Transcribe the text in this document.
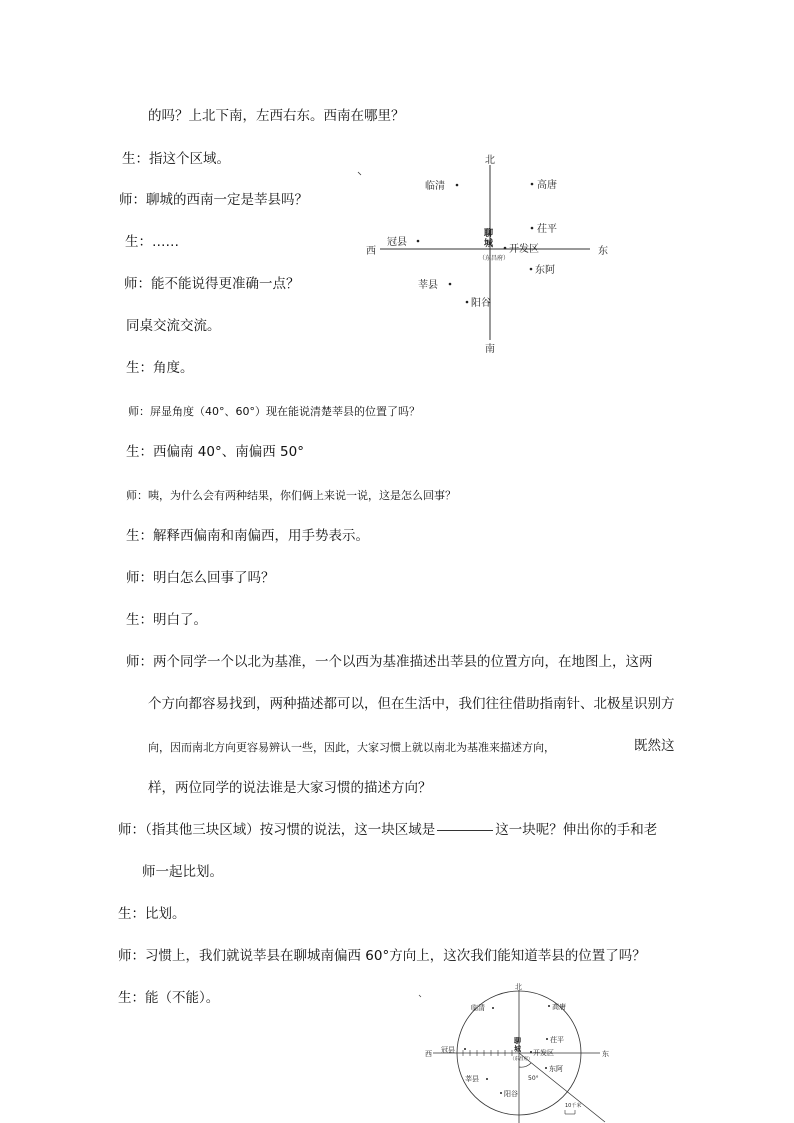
的吗？上北下南，左西右东。西南在哪里？
生：指这个区域。
师：聊城的西南一定是莘县吗？
生：……
师：能不能说得更准确一点？
同桌交流交流。
生：角度。
师：屏显角度（40°、60°）现在能说清楚莘县的位置了吗？
生：西偏南 40°、南偏西 50°
师：咦，为什么会有两种结果，你们俩上来说一说，这是怎么回事？
生：解释西偏南和南偏西，用手势表示。
师：明白怎么回事了吗？
生：明白了。
师：两个同学一个以北为基准，一个以西为基准描述出莘县的位置方向，在地图上，这两
个方向都容易找到，两种描述都可以，但在生活中，我们往往借助指南针、北极星识别方
向，因而南北方向更容易辨认一些，因此，大家习惯上就以南北为基准来描述方向，	既然这
样，两位同学的说法谁是大家习惯的描述方向？
师：（指其他三块区域）按习惯的说法，这一块区域是	这一块呢？伸出你的手和老
师一起比划。
生：比划。
师：习惯上，我们就说莘县在聊城南偏西 60°方向上，这次我们能知道莘县的位置了吗？
生：能（不能）。
北
南
西	东
聊
城
（东昌府）
临清	高唐
茌平
冠县
开发区
东阿
莘县
阳谷
北
西	东
聊
城
（东昌府）
临清	高唐
茌平
冠县	开发区
东阿
莘县
阳谷
50°
10千米
